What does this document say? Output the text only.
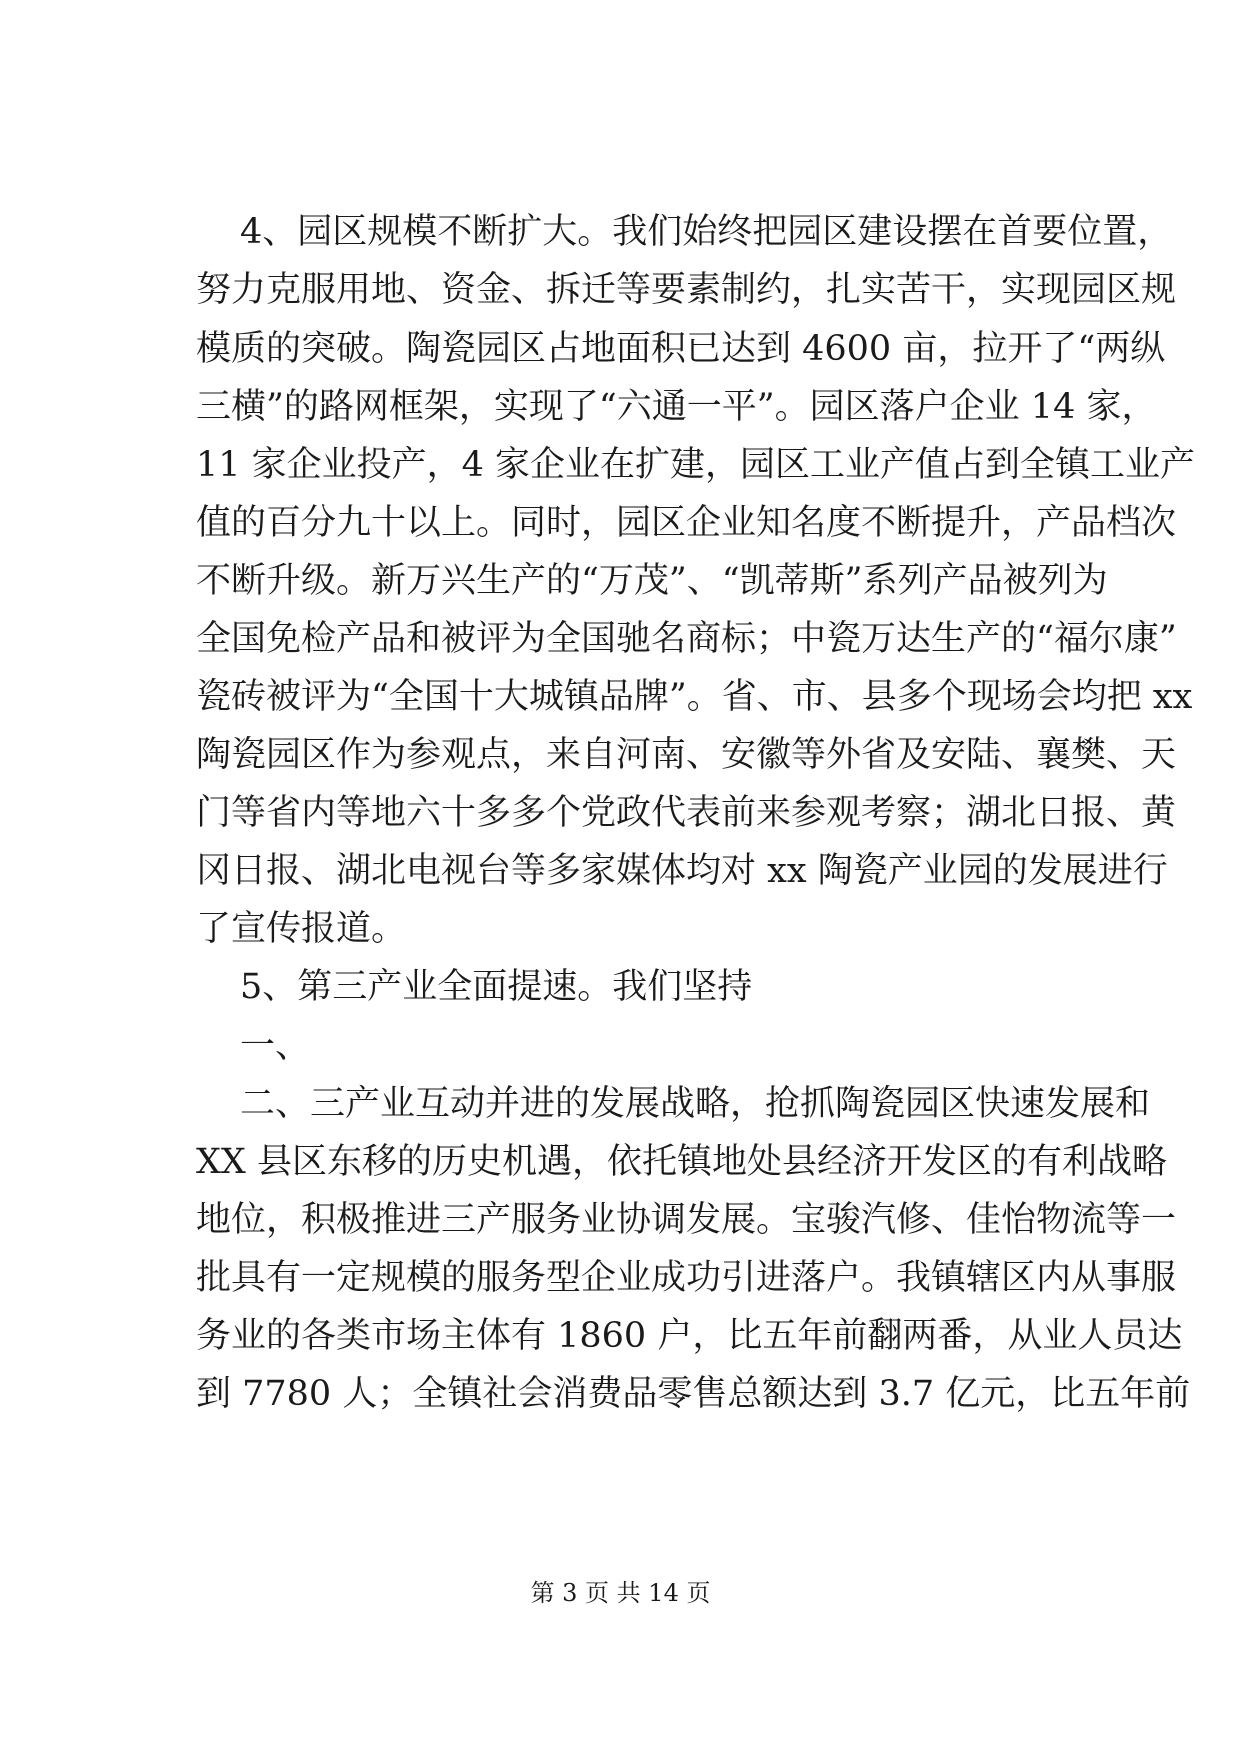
4、园区规模不断扩大。我们始终把园区建设摆在首要位置，
努力克服用地、资金、拆迁等要素制约，扎实苦干，实现园区规
模质的突破。陶瓷园区占地面积已达到 4600 亩，拉开了“两纵
三横”的路网框架，实现了“六通一平”。园区落户企业 14 家，
11 家企业投产，4 家企业在扩建，园区工业产值占到全镇工业产
值的百分九十以上。同时，园区企业知名度不断提升，产品档次
不断升级。新万兴生产的“万茂”、“凯蒂斯”系列产品被列为
全国免检产品和被评为全国驰名商标；中瓷万达生产的“福尔康”
瓷砖被评为“全国十大城镇品牌”。省、市、县多个现场会均把 xx
陶瓷园区作为参观点，来自河南、安徽等外省及安陆、襄樊、天
门等省内等地六十多多个党政代表前来参观考察；湖北日报、黄
冈日报、湖北电视台等多家媒体均对 xx 陶瓷产业园的发展进行
了宣传报道。
5、第三产业全面提速。我们坚持
一、
二、三产业互动并进的发展战略，抢抓陶瓷园区快速发展和
XX 县区东移的历史机遇，依托镇地处县经济开发区的有利战略
地位，积极推进三产服务业协调发展。宝骏汽修、佳怡物流等一
批具有一定规模的服务型企业成功引进落户。我镇辖区内从事服
务业的各类市场主体有 1860 户，比五年前翻两番，从业人员达
到 7780 人；全镇社会消费品零售总额达到 3.7 亿元，比五年前
第 3 页 共 14 页
